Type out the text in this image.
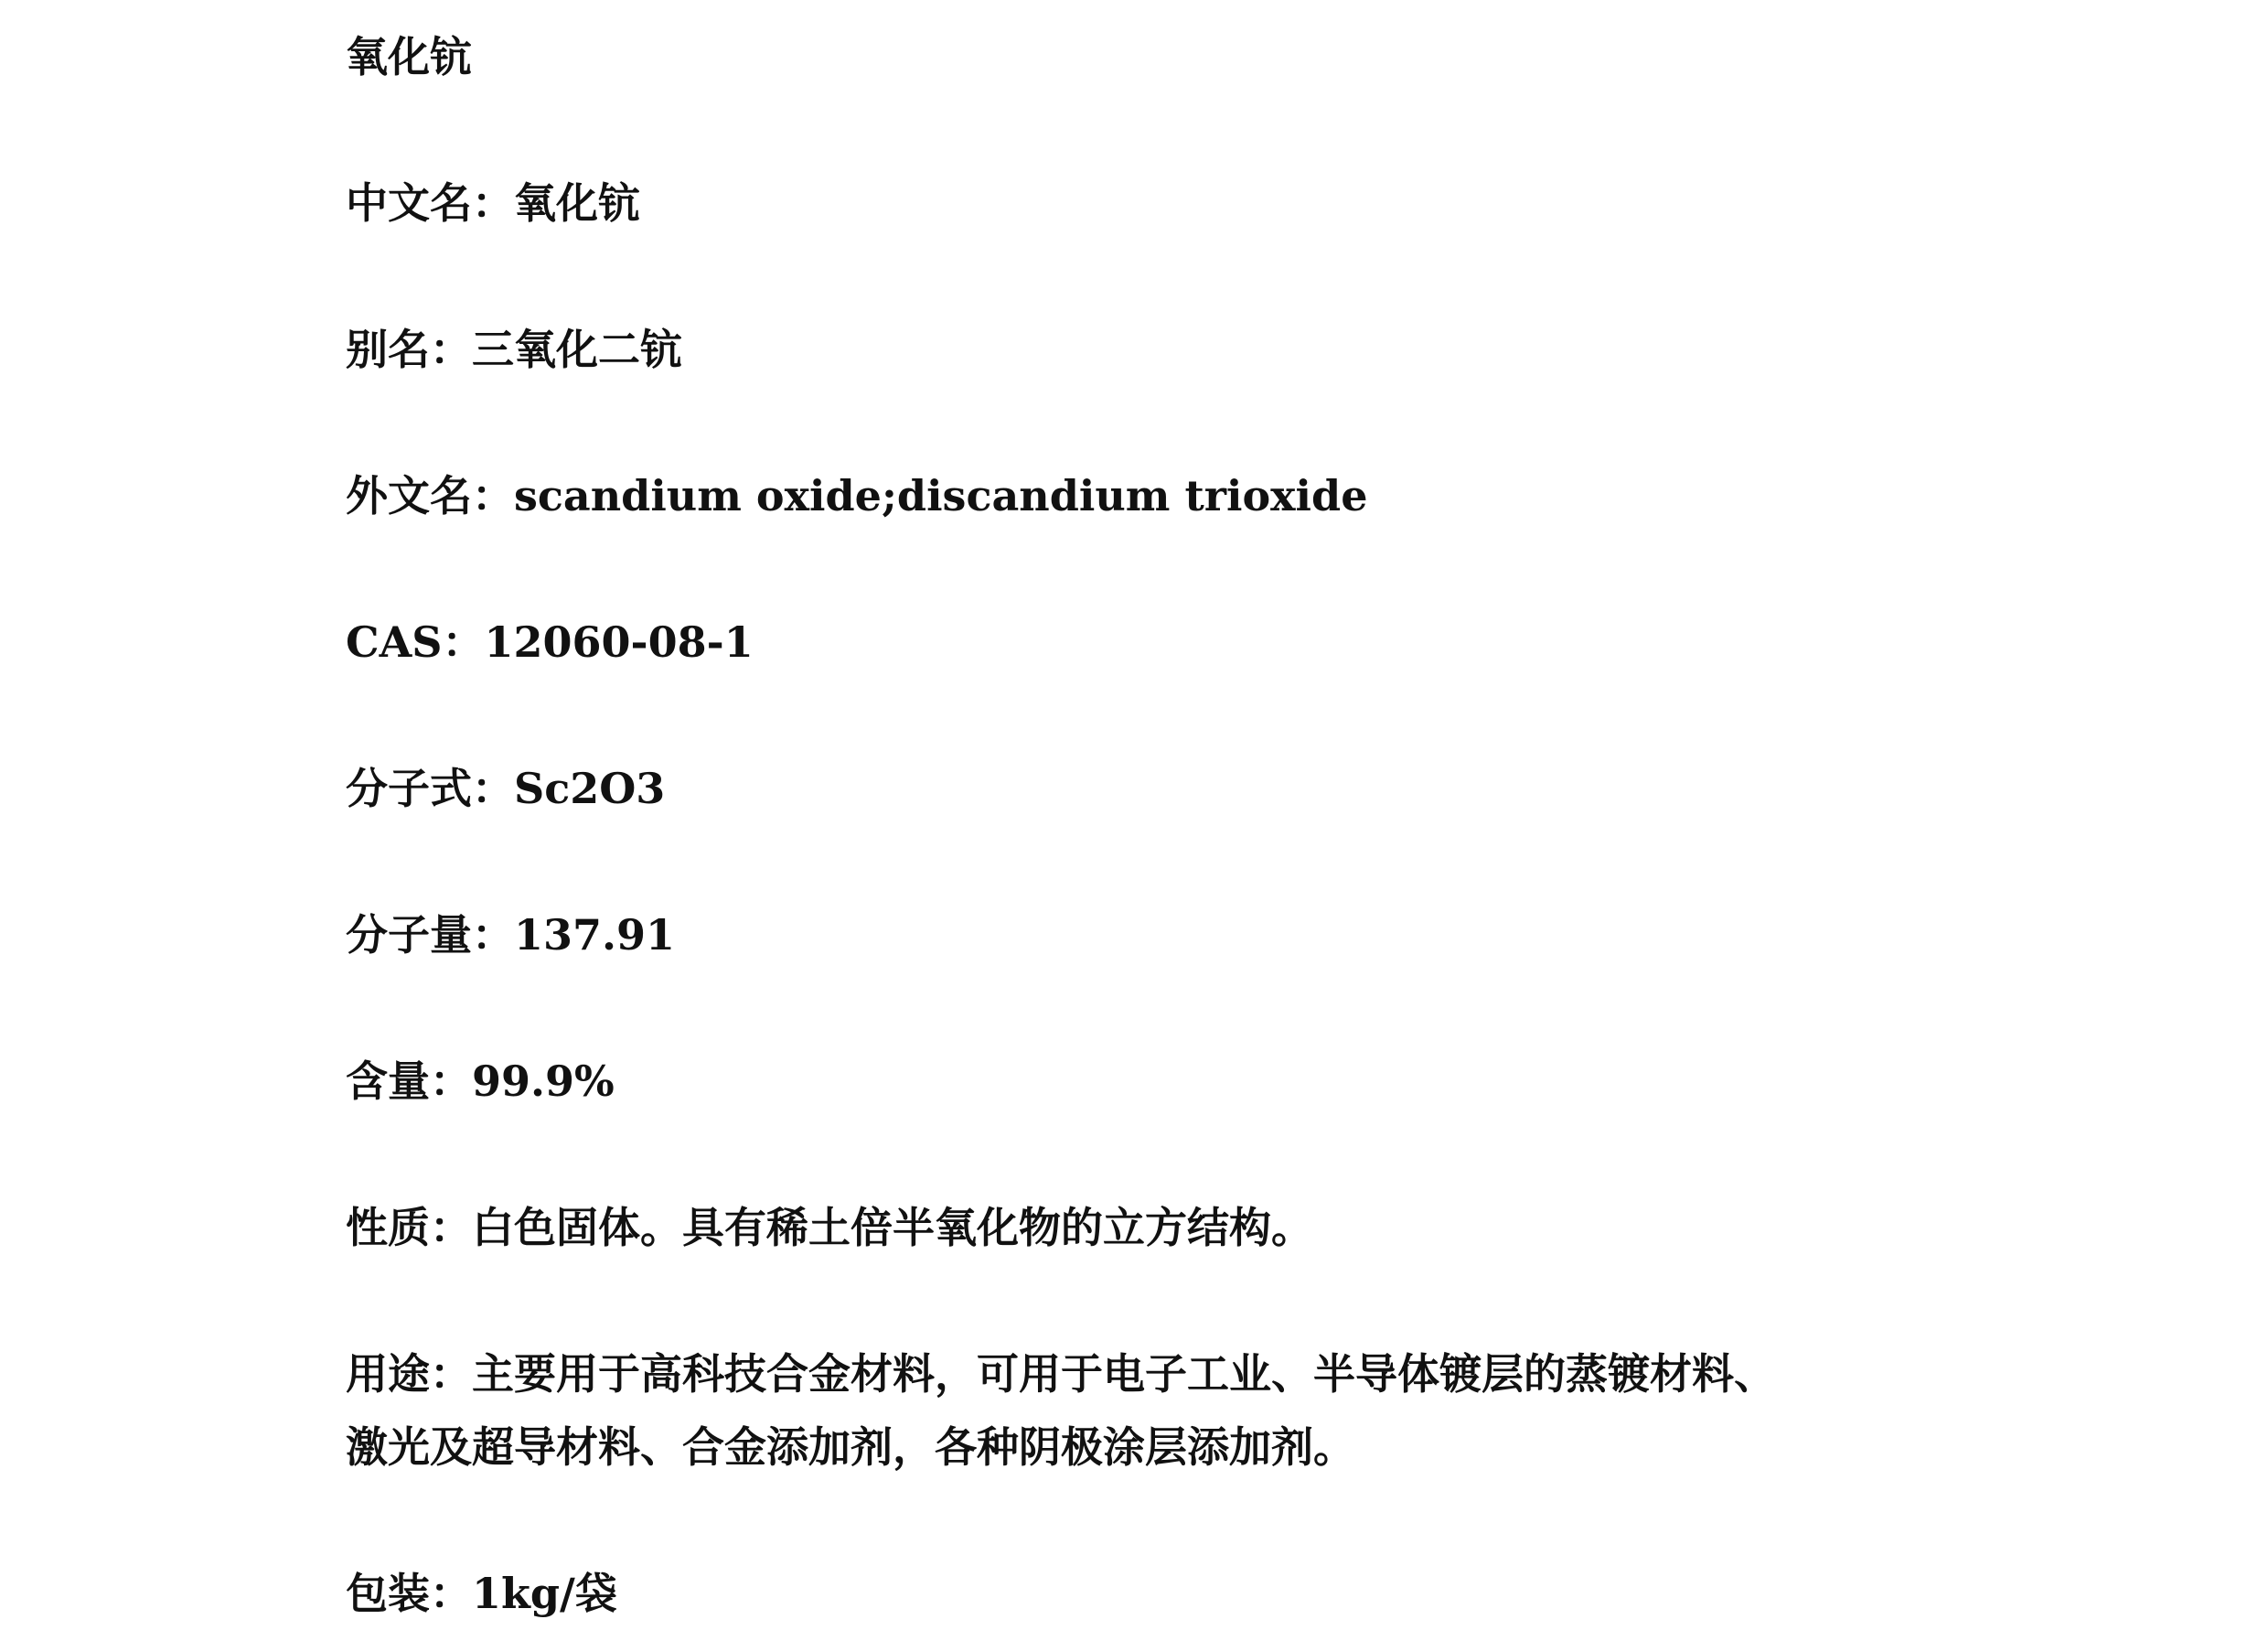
氧化钪
中文名：氧化钪
别名：三氧化二钪
外文名：scandium oxide;discandium trioxide
CAS：12060-08-1
分子式：Sc2O3
分子量：137.91
含量：99.9%
性质：白色固体。具有稀土倍半氧化物的立方结构。
用途：主要用于高科技合金材料，可用于电子工业、半导体镀层的蒸镀材料、
激光及超导材料、合金添加剂，各种阴极涂层添加剂。
包装：1kg/袋
